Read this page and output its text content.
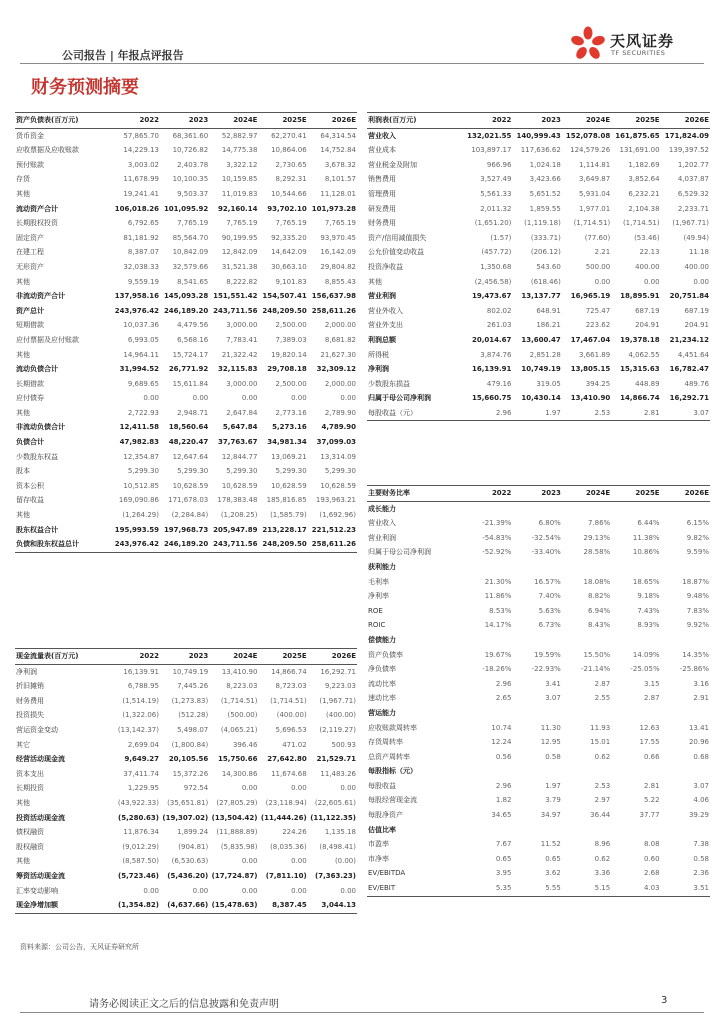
公司报告 | 年报点评报告
天风证券
TF SECURITIES
财务预测摘要
资产负债表(百万元)	2022	2023	2024E	2025E	2026E
货币资金	57,865.70	68,361.60	52,882.97	62,270.41	64,314.54
应收票据及应收账款	14,229.13	10,726.82	14,775.38	10,864.06	14,752.84
预付账款	3,003.02	2,403.78	3,322.12	2,730.65	3,678.32
存货	11,678.99	10,100.35	10,159.85	8,292.31	8,101.57
其他	19,241.41	9,503.37	11,019.83	10,544.66	11,128.01
流动资产合计	106,018.26	101,095.92	92,160.14	93,702.10	101,973.28
长期股权投资	6,792.65	7,765.19	7,765.19	7,765.19	7,765.19
固定资产	81,181.92	85,564.70	90,199.95	92,335.20	93,970.45
在建工程	8,387.07	10,842.09	12,842.09	14,642.09	16,142.09
无形资产	32,038.33	32,579.66	31,521.38	30,663.10	29,804.82
其他	9,559.19	8,541.65	8,222.82	9,101.83	8,855.43
非流动资产合计	137,958.16	145,093.28	151,551.42	154,507.41	156,637.98
资产总计	243,976.42	246,189.20	243,711.56	248,209.50	258,611.26
短期借款	10,037.36	4,479.56	3,000.00	2,500.00	2,000.00
应付票据及应付账款	6,993.05	6,568.16	7,783.41	7,389.03	8,681.82
其他	14,964.11	15,724.17	21,322.42	19,820.14	21,627.30
流动负债合计	31,994.52	26,771.92	32,115.83	29,708.18	32,309.12
长期借款	9,689.65	15,611.84	3,000.00	2,500.00	2,000.00
应付债券	0.00	0.00	0.00	0.00	0.00
其他	2,722.93	2,948.71	2,647.84	2,773.16	2,789.90
非流动负债合计	12,411.58	18,560.64	5,647.84	5,273.16	4,789.90
负债合计	47,982.83	48,220.47	37,763.67	34,981.34	37,099.03
少数股东权益	12,354.87	12,647.64	12,844.77	13,069.21	13,314.09
股本	5,299.30	5,299.30	5,299.30	5,299.30	5,299.30
资本公积	10,512.85	10,628.59	10,628.59	10,628.59	10,628.59
留存收益	169,090.86	171,678.03	178,383.48	185,816.85	193,963.21
其他	(1,264.29)	(2,284.84)	(1,208.25)	(1,585.79)	(1,692.96)
股东权益合计	195,993.59	197,968.73	205,947.89	213,228.17	221,512.23
负债和股东权益总计	243,976.42	246,189.20	243,711.56	248,209.50	258,611.26
利润表(百万元)	2022	2023	2024E	2025E	2026E
营业收入	132,021.55	140,999.43	152,078.08	161,875.65	171,824.09
营业成本	103,897.17	117,636.62	124,579.26	131,691.00	139,397.52
营业税金及附加	966.96	1,024.18	1,114.81	1,182.69	1,202.77
销售费用	3,527.49	3,423.66	3,649.87	3,852.64	4,037.87
管理费用	5,561.33	5,651.52	5,931.04	6,232.21	6,529.32
研发费用	2,011.32	1,859.55	1,977.01	2,104.38	2,233.71
财务费用	(1,651.20)	(1,119.18)	(1,714.51)	(1,714.51)	(1,967.71)
资产/信用减值损失	(1.57)	(333.71)	(77.60)	(53.46)	(49.94)
公允价值变动收益	(457.72)	(206.12)	2.21	22.13	11.18
投资净收益	1,350.68	543.60	500.00	400.00	400.00
其他	(2,456.58)	(618.46)	0.00	0.00	0.00
营业利润	19,473.67	13,137.77	16,965.19	18,895.91	20,751.84
营业外收入	802.02	648.91	725.47	687.19	687.19
营业外支出	261.03	186.21	223.62	204.91	204.91
利润总额	20,014.67	13,600.47	17,467.04	19,378.18	21,234.12
所得税	3,874.76	2,851.28	3,661.89	4,062.55	4,451.64
净利润	16,139.91	10,749.19	13,805.15	15,315.63	16,782.47
少数股东损益	479.16	319.05	394.25	448.89	489.76
归属于母公司净利润	15,660.75	10,430.14	13,410.90	14,866.74	16,292.71
每股收益（元）	2.96	1.97	2.53	2.81	3.07
主要财务比率	2022	2023	2024E	2025E	2026E
成长能力					
营业收入	-21.39%	6.80%	7.86%	6.44%	6.15%
营业利润	-54.83%	-32.54%	29.13%	11.38%	9.82%
归属于母公司净利润	-52.92%	-33.40%	28.58%	10.86%	9.59%
获利能力					
毛利率	21.30%	16.57%	18.08%	18.65%	18.87%
净利率	11.86%	7.40%	8.82%	9.18%	9.48%
ROE	8.53%	5.63%	6.94%	7.43%	7.83%
ROIC	14.17%	6.73%	8.43%	8.93%	9.92%
偿债能力					
资产负债率	19.67%	19.59%	15.50%	14.09%	14.35%
净负债率	-18.26%	-22.93%	-21.14%	-25.05%	-25.86%
流动比率	2.96	3.41	2.87	3.15	3.16
速动比率	2.65	3.07	2.55	2.87	2.91
营运能力					
应收账款周转率	10.74	11.30	11.93	12.63	13.41
存货周转率	12.24	12.95	15.01	17.55	20.96
总资产周转率	0.56	0.58	0.62	0.66	0.68
每股指标（元）					
每股收益	2.96	1.97	2.53	2.81	3.07
每股经营现金流	1.82	3.79	2.97	5.22	4.06
每股净资产	34.65	34.97	36.44	37.77	39.29
估值比率					
市盈率	7.67	11.52	8.96	8.08	7.38
市净率	0.65	0.65	0.62	0.60	0.58
EV/EBITDA	3.95	3.62	3.36	2.68	2.36
EV/EBIT	5.35	5.55	5.15	4.03	3.51
现金流量表(百万元)	2022	2023	2024E	2025E	2026E
净利润	16,139.91	10,749.19	13,410.90	14,866.74	16,292.71
折旧摊销	6,788.95	7,445.26	8,223.03	8,723.03	9,223.03
财务费用	(1,514.19)	(1,273.83)	(1,714.51)	(1,714.51)	(1,967.71)
投资损失	(1,322.06)	(512.28)	(500.00)	(400.00)	(400.00)
营运资金变动	(13,142.37)	5,498.07	(4,065.21)	5,696.53	(2,119.27)
其它	2,699.04	(1,800.84)	396.46	471.02	500.93
经营活动现金流	9,649.27	20,105.56	15,750.66	27,642.80	21,529.71
资本支出	37,411.74	15,372.26	14,300.86	11,674.68	11,483.26
长期投资	1,229.95	972.54	0.00	0.00	0.00
其他	(43,922.33)	(35,651.81)	(27,805.29)	(23,118.94)	(22,605.61)
投资活动现金流	(5,280.63)	(19,307.02)	(13,504.42)	(11,444.26)	(11,122.35)
债权融资	11,876.34	1,899.24	(11,888.89)	224.26	1,135.18
股权融资	(9,012.29)	(904.81)	(5,835.98)	(8,035.36)	(8,498.41)
其他	(8,587.50)	(6,530.63)	0.00	0.00	(0.00)
筹资活动现金流	(5,723.46)	(5,436.20)	(17,724.87)	(7,811.10)	(7,363.23)
汇率变动影响	0.00	0.00	0.00	0.00	0.00
现金净增加额	(1,354.82)	(4,637.66)	(15,478.63)	8,387.45	3,044.13
资料来源：公司公告，天风证券研究所
请务必阅读正文之后的信息披露和免责声明	3
